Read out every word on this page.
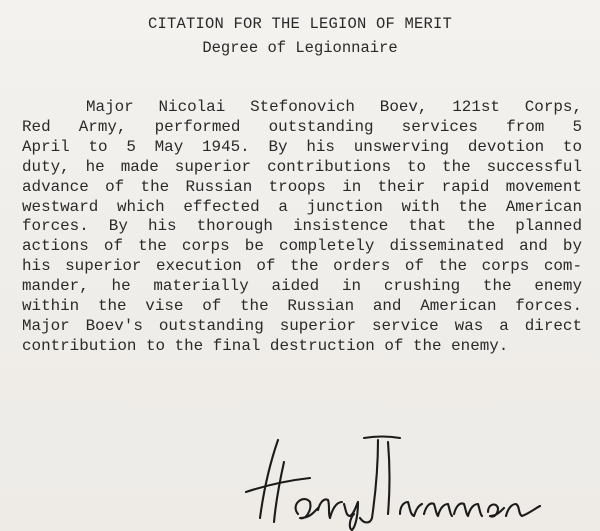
CITATION FOR THE LEGION OF MERIT
Degree of Legionnaire
Major Nicolai Stefonovich Boev, 121st Corps,
Red Army, performed outstanding services from 5
April to 5 May 1945. By his unswerving devotion to
duty, he made superior contributions to the successful
advance of the Russian troops in their rapid movement
westward which effected a junction with the American
forces. By his thorough insistence that the planned
actions of the corps be completely disseminated and by
his superior execution of the orders of the corps com-
mander, he materially aided in crushing the enemy
within the vise of the Russian and American forces.
Major Boev's outstanding superior service was a direct
contribution to the final destruction of the enemy.
